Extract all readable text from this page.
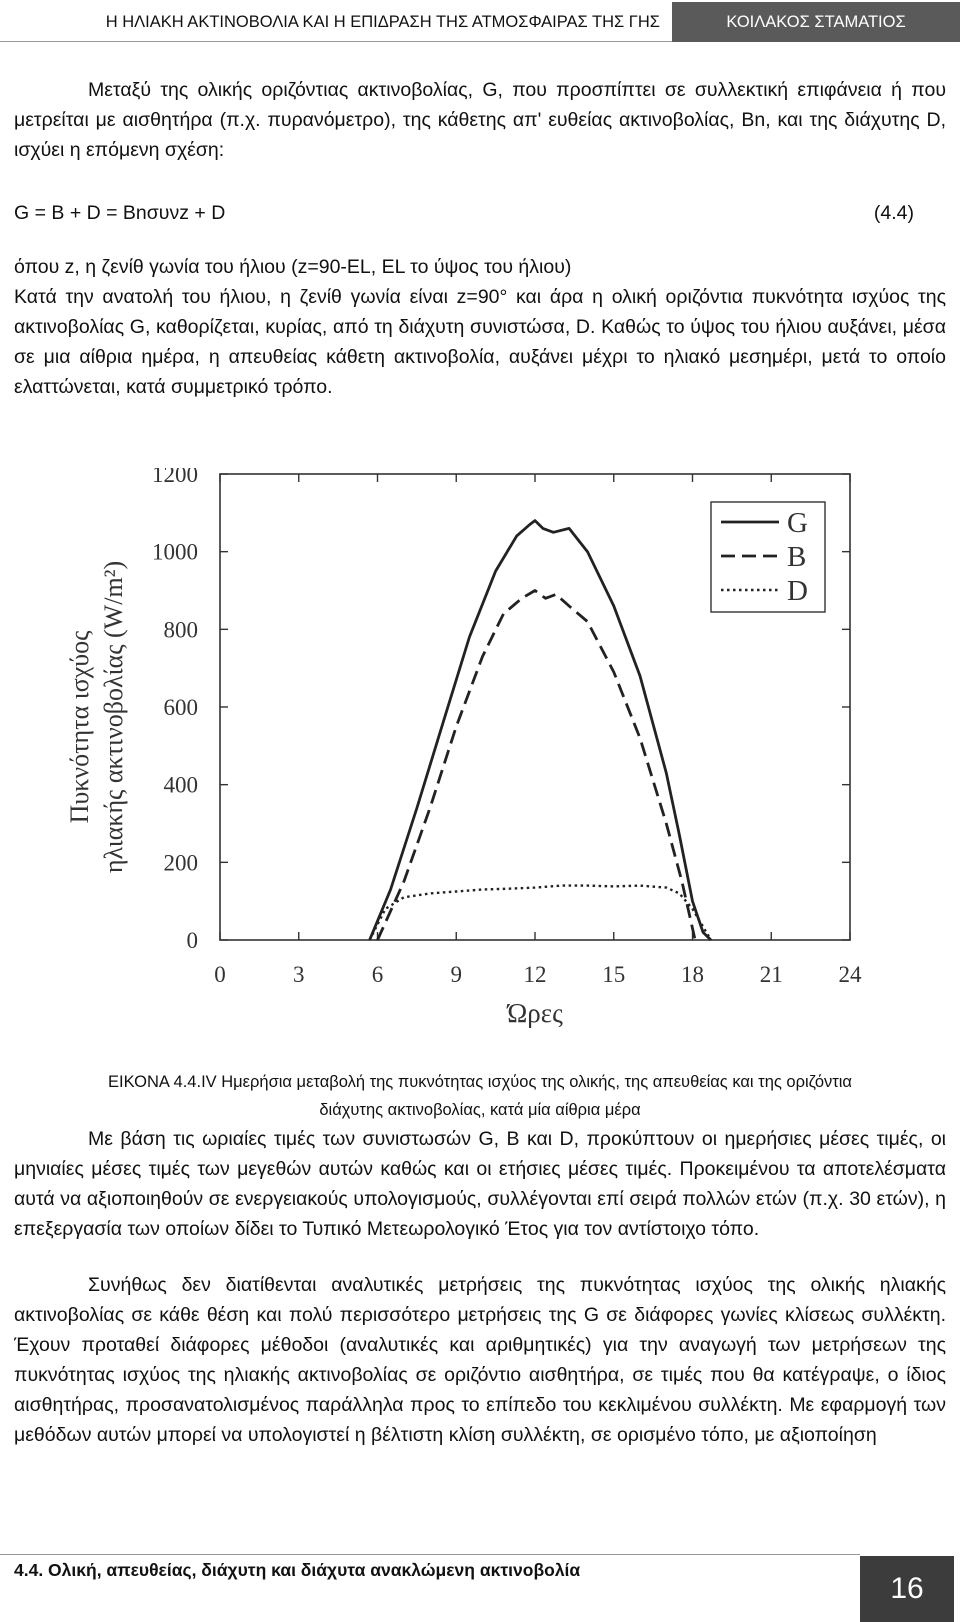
Η ΗΛΙΑΚΗ ΑΚΤΙΝΟΒΟΛΙΑ ΚΑΙ Η ΕΠΙΔΡΑΣΗ ΤΗΣ ΑΤΜΟΣΦΑΙΡΑΣ ΤΗΣ ΓΗΣ	ΚΟΙΛΑΚΟΣ ΣΤΑΜΑΤΙΟΣ

Μεταξύ της ολικής οριζόντιας ακτινοβολίας, G, που προσπίπτει σε συλλεκτική επιφάνεια ή που μετρείται με αισθητήρα (π.χ. πυρανόμετρο), της κάθετης απ' ευθείας ακτινοβολίας, Bn, και της διάχυτης D, ισχύει η επόμενη σχέση:

G = B + D = Bnσυνz + D	(4.4)
όπου z, η ζενίθ γωνία του ήλιου (z=90-EL, EL το ύψος του ήλιου)

Κατά την ανατολή του ήλιου, η ζενίθ γωνία είναι z=90° και άρα η ολική οριζόντια πυκνότητα ισχύος της ακτινοβολίας G, καθορίζεται, κυρίας, από τη διάχυτη συνιστώσα, D. Καθώς το ύψος του ήλιου αυξάνει, μέσα σε μια αίθρια ημέρα, η απευθείας κάθετη ακτινοβολία, αυξάνει μέχρι το ηλιακό μεσημέρι, μετά το οποίο ελαττώνεται, κατά συμμετρικό τρόπο.

0
200
400
600
800
1000
1200
0	3	6	9	12 15 18 21 24
Ώρες
Πυκνότητα ισχύος ηλιακής ακτινοβολίας (W/m²)
G
B
D
ΕΙΚΟΝΑ 4.4.IV Ημερήσια μεταβολή της πυκνότητας ισχύος της ολικής, της απευθείας και της οριζόντια
διάχυτης ακτινοβολίας, κατά μία αίθρια μέρα

Με βάση τις ωριαίες τιμές των συνιστωσών G, B και D, προκύπτουν οι ημερήσιες μέσες τιμές, οι μηνιαίες μέσες τιμές των μεγεθών αυτών καθώς και οι ετήσιες μέσες τιμές. Προκειμένου τα αποτελέσματα αυτά να αξιοποιηθούν σε ενεργειακούς υπολογισμούς, συλλέγονται επί σειρά πολλών ετών (π.χ. 30 ετών), η επεξεργασία των οποίων δίδει το Τυπικό Μετεωρολογικό Έτος για τον αντίστοιχο τόπο.

Συνήθως δεν διατίθενται αναλυτικές μετρήσεις της πυκνότητας ισχύος της ολικής ηλιακής ακτινοβολίας σε κάθε θέση και πολύ περισσότερο μετρήσεις της G σε διάφορες γωνίες κλίσεως συλλέκτη. Έχουν προταθεί διάφορες μέθοδοι (αναλυτικές και αριθμητικές) για την αναγωγή των μετρήσεων της πυκνότητας ισχύος της ηλιακής ακτινοβολίας σε οριζόντιο αισθητήρα, σε τιμές που θα κατέγραψε, ο ίδιος αισθητήρας, προσανατολισμένος παράλληλα προς το επίπεδο του κεκλιμένου συλλέκτη. Με εφαρμογή των μεθόδων αυτών μπορεί να υπολογιστεί η βέλτιστη κλίση συλλέκτη, σε ορισμένο τόπο, με αξιοποίηση

4.4. Ολική, απευθείας, διάχυτη και διάχυτα ανακλώμενη ακτινοβολία
16
